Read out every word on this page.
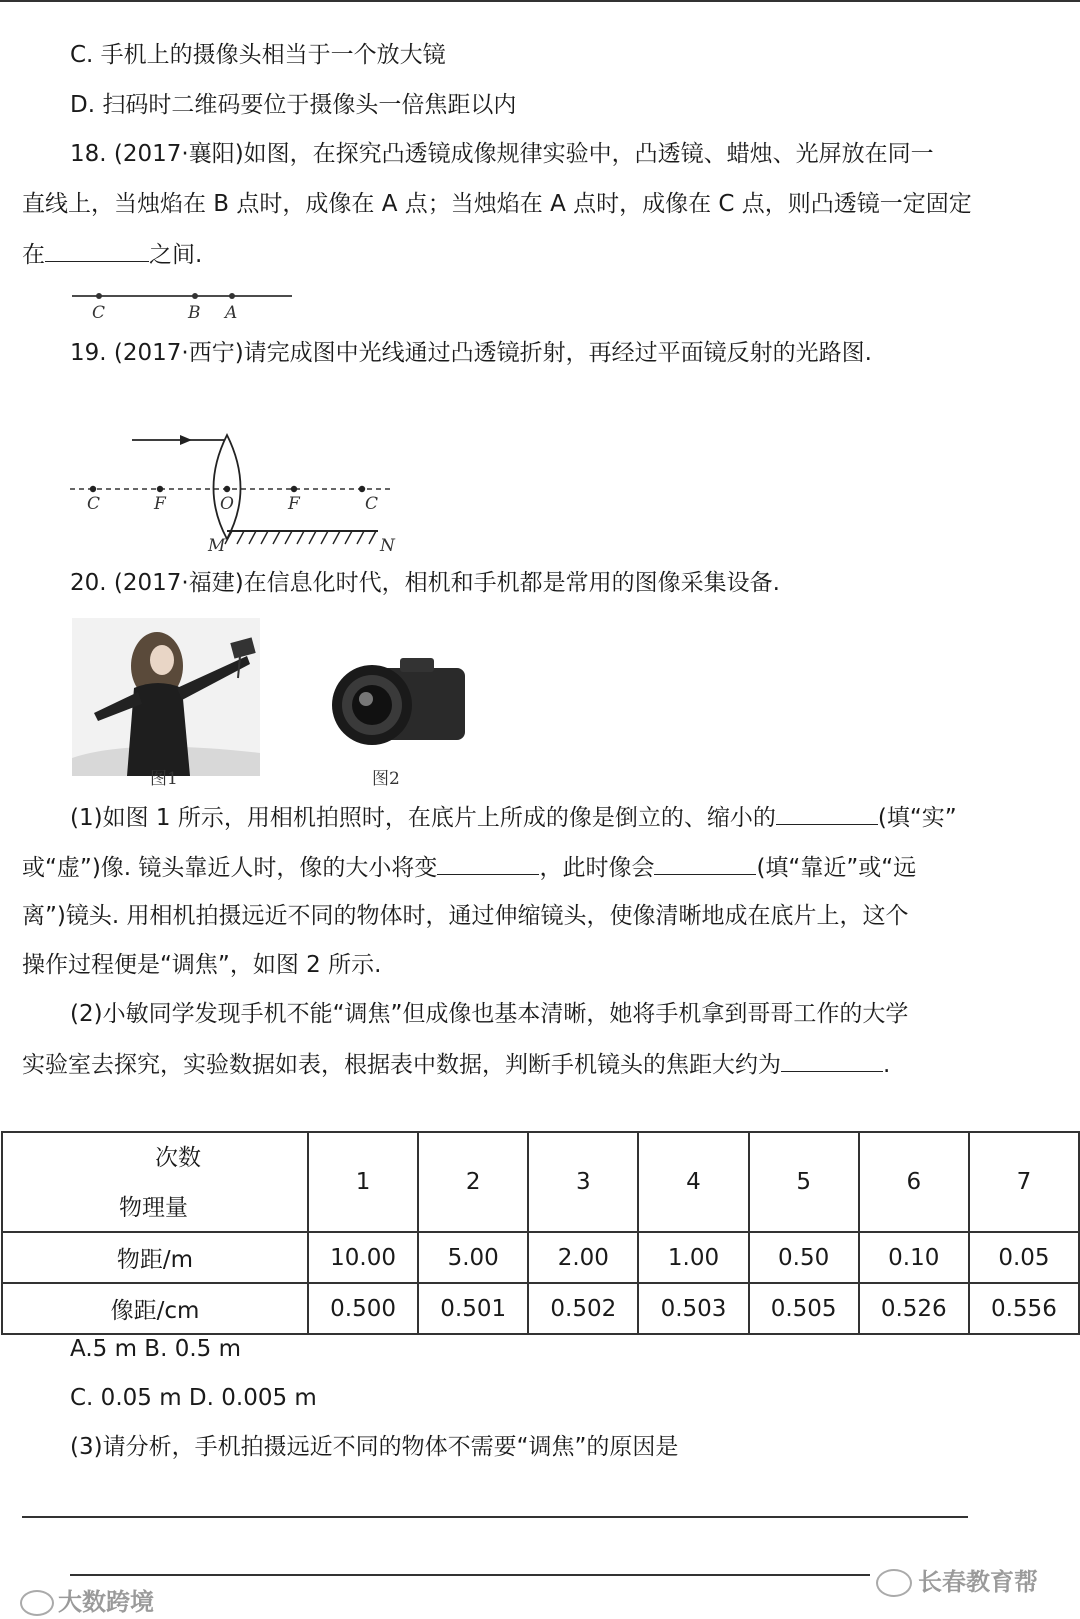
C. 手机上的摄像头相当于一个放大镜
D. 扫码时二维码要位于摄像头一倍焦距以内
18. (2017·襄阳)如图，在探究凸透镜成像规律实验中，凸透镜、蜡烛、光屏放在同一
直线上，当烛焰在 B 点时，成像在 A 点；当烛焰在 A 点时，成像在 C 点，则凸透镜一定固定
在	之间.
C	B A
19. (2017·西宁)请完成图中光线通过凸透镜折射，再经过平面镜反射的光路图.
C	F	O	F	C
M	N
20. (2017·福建)在信息化时代，相机和手机都是常用的图像采集设备.
图1	图2
(1)如图 1 所示，用相机拍照时，在底片上所成的像是倒立的、缩小的	(填“实”
或“虚”)像. 镜头靠近人时，像的大小将变	，此时像会	(填“靠近”或“远
离”)镜头. 用相机拍摄远近不同的物体时，通过伸缩镜头，使像清晰地成在底片上，这个
操作过程便是“调焦”，如图 2 所示.
(2)小敏同学发现手机不能“调焦”但成像也基本清晰，她将手机拿到哥哥工作的大学
实验室去探究，实验数据如表，根据表中数据，判断手机镜头的焦距大约为	.
次数
物理量	1	2	3	4	5	6	7
物距/m	10.00	5.00	2.00	1.00	0.50	0.10	0.05
像距/cm	0.500	0.501	0.502	0.503	0.505	0.526	0.556
A.5 m B. 0.5 m
C. 0.05 m D. 0.005 m
(3)请分析，手机拍摄远近不同的物体不需要“调焦”的原因是
大数跨境
长春教育帮
